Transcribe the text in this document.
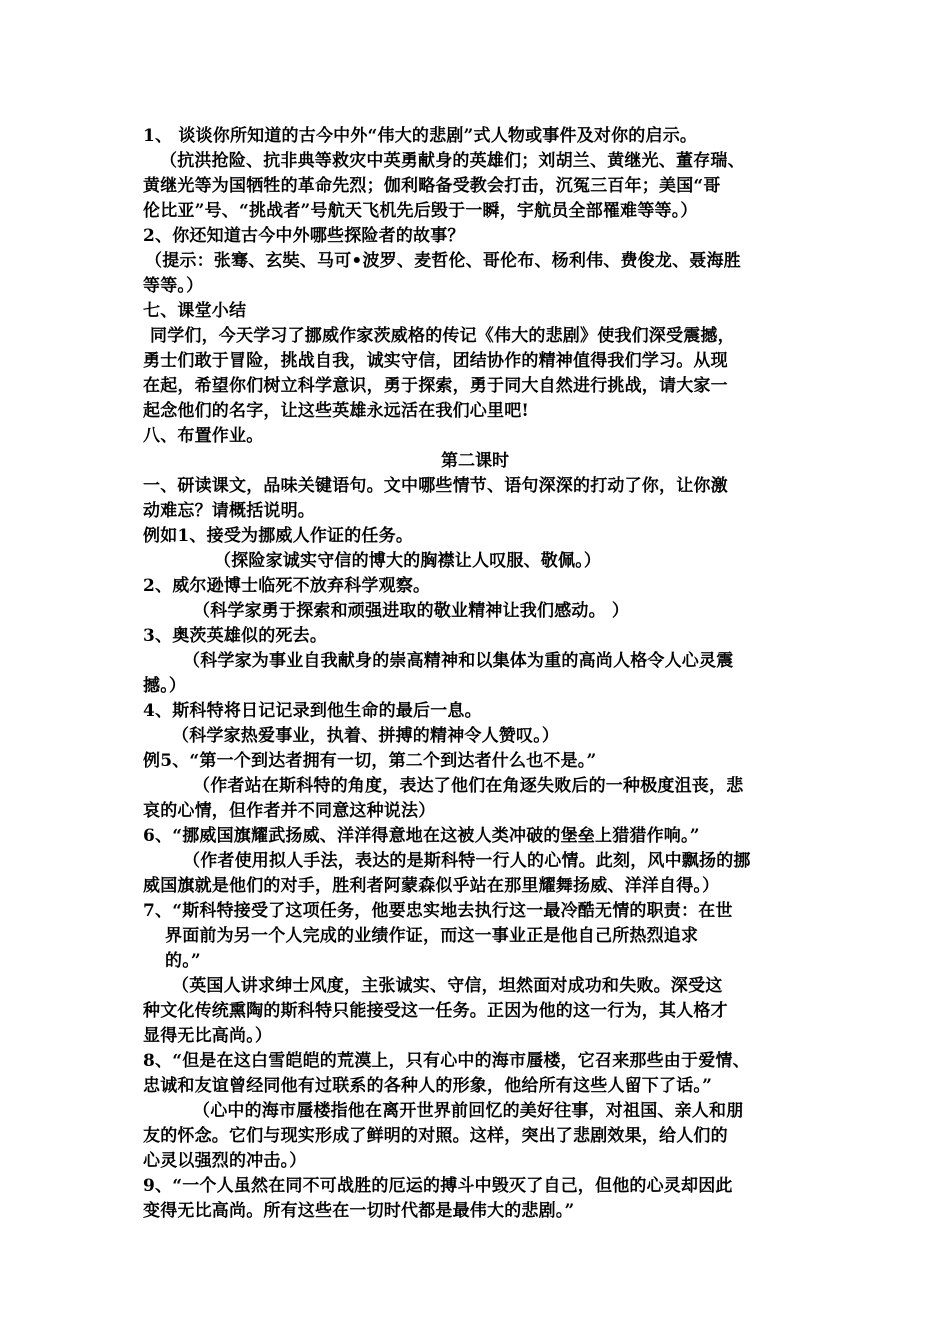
1、 谈谈你所知道的古今中外“伟大的悲剧”式人物或事件及对你的启示。
（抗洪抢险、抗非典等救灾中英勇献身的英雄们；刘胡兰、黄继光、董存瑞、
黄继光等为国牺牲的革命先烈；伽利略备受教会打击，沉冤三百年；美国“哥
伦比亚”号、“挑战者”号航天飞机先后毁于一瞬，宇航员全部罹难等等。）
2、你还知道古今中外哪些探险者的故事？
（提示：张骞、玄奘、马可•波罗、麦哲伦、哥伦布、杨利伟、费俊龙、聂海胜
等等。）
七、课堂小结
同学们，今天学习了挪威作家茨威格的传记《伟大的悲剧》使我们深受震撼，
勇士们敢于冒险，挑战自我，诚实守信，团结协作的精神值得我们学习。从现
在起，希望你们树立科学意识，勇于探索，勇于同大自然进行挑战，请大家一
起念他们的名字，让这些英雄永远活在我们心里吧!
八、布置作业。
第二课时
一、研读课文，品味关键语句。文中哪些情节、语句深深的打动了你，让你激
动难忘？请概括说明。
例如1、接受为挪威人作证的任务。
（探险家诚实守信的博大的胸襟让人叹服、敬佩。）
2、威尔逊博士临死不放弃科学观察。
（科学家勇于探索和顽强进取的敬业精神让我们感动。 ）
3、奥茨英雄似的死去。
（科学家为事业自我献身的崇高精神和以集体为重的高尚人格令人心灵震
撼。）
4、斯科特将日记记录到他生命的最后一息。
（科学家热爱事业，执着、拼搏的精神令人赞叹。）
例5、“第一个到达者拥有一切，第二个到达者什么也不是。”
（作者站在斯科特的角度，表达了他们在角逐失败后的一种极度沮丧，悲
哀的心情，但作者并不同意这种说法）
6、“挪威国旗耀武扬威、洋洋得意地在这被人类冲破的堡垒上猎猎作响。”
（作者使用拟人手法，表达的是斯科特一行人的心情。此刻，风中飘扬的挪
威国旗就是他们的对手，胜利者阿蒙森似乎站在那里耀舞扬威、洋洋自得。）
7、“斯科特接受了这项任务，他要忠实地去执行这一最冷酷无情的职责：在世
界面前为另一个人完成的业绩作证，而这一事业正是他自己所热烈追求
的。”
（英国人讲求绅士风度，主张诚实、守信，坦然面对成功和失败。深受这
种文化传统熏陶的斯科特只能接受这一任务。正因为他的这一行为，其人格才
显得无比高尚。）
8、“但是在这白雪皑皑的荒漠上，只有心中的海市蜃楼，它召来那些由于爱情、
忠诚和友谊曾经同他有过联系的各种人的形象，他给所有这些人留下了话。”
（心中的海市蜃楼指他在离开世界前回忆的美好往事，对祖国、亲人和朋
友的怀念。它们与现实形成了鲜明的对照。这样，突出了悲剧效果，给人们的
心灵以强烈的冲击。）
9、“一个人虽然在同不可战胜的厄运的搏斗中毁灭了自己，但他的心灵却因此
变得无比高尚。所有这些在一切时代都是最伟大的悲剧。”
